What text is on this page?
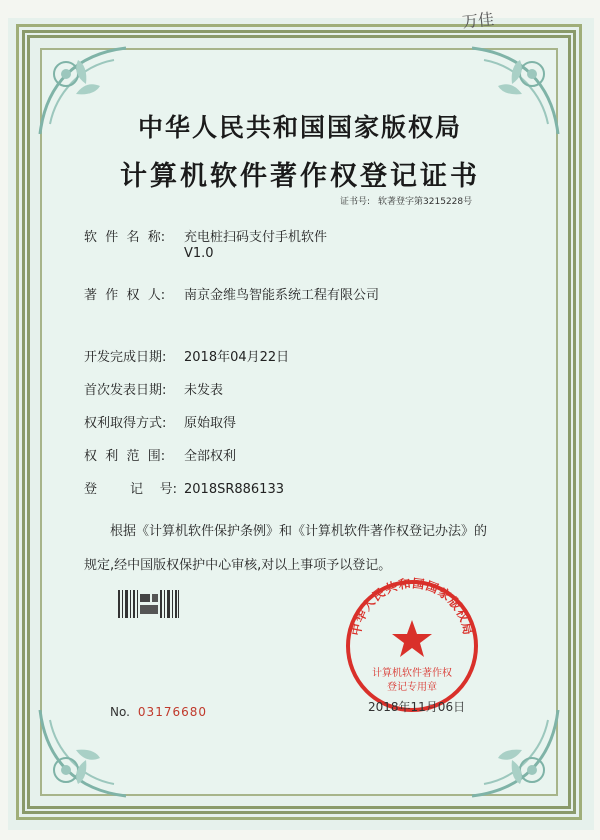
万佳
中华人民共和国国家版权局
计算机软件著作权登记证书
证书号: 软著登字第3215228号
软  件  名  称: 充电桩扫码支付手机软件
V1.0
著  作  权  人: 南京金维鸟智能系统工程有限公司
开发完成日期: 2018年04月22日
首次发表日期: 未发表
权利取得方式: 原始取得
权  利  范  围: 全部权利
登        记    号: 2018SR886133
根据《计算机软件保护条例》和《计算机软件著作权登记办法》的
规定,经中国版权保护中心审核,对以上事项予以登记。
中华人民共和国国家版权局
计算机软件著作权
登记专用章
2018年11月06日
No. 03176680
